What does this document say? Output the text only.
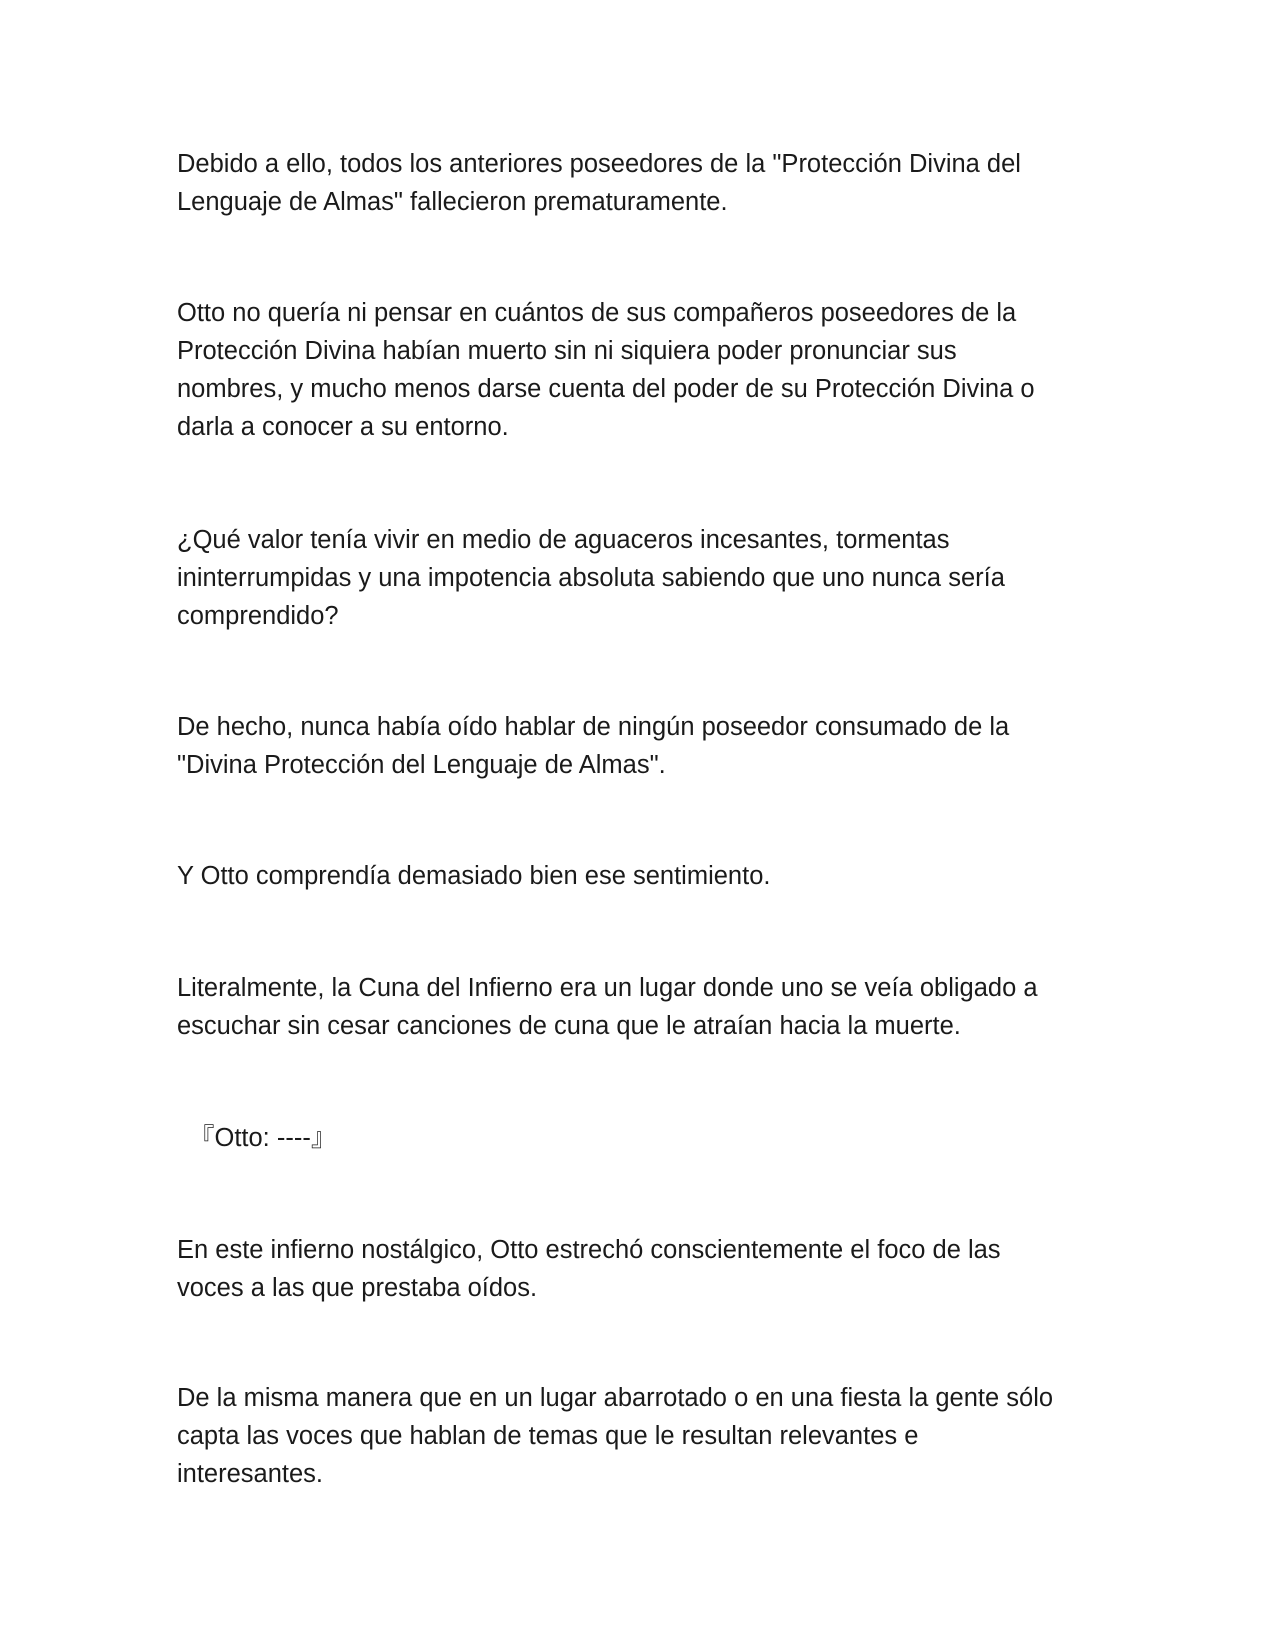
Debido a ello, todos los anteriores poseedores de la "Protección Divina del
Lenguaje de Almas" fallecieron prematuramente.

Otto no quería ni pensar en cuántos de sus compañeros poseedores de la
Protección Divina habían muerto sin ni siquiera poder pronunciar sus
nombres, y mucho menos darse cuenta del poder de su Protección Divina o
darla a conocer a su entorno.

¿Qué valor tenía vivir en medio de aguaceros incesantes, tormentas
ininterrumpidas y una impotencia absoluta sabiendo que uno nunca sería
comprendido?

De hecho, nunca había oído hablar de ningún poseedor consumado de la
"Divina Protección del Lenguaje de Almas".

Y Otto comprendía demasiado bien ese sentimiento.

Literalmente, la Cuna del Infierno era un lugar donde uno se veía obligado a
escuchar sin cesar canciones de cuna que le atraían hacia la muerte.

『Otto: ----』

En este infierno nostálgico, Otto estrechó conscientemente el foco de las
voces a las que prestaba oídos.

De la misma manera que en un lugar abarrotado o en una fiesta la gente sólo
capta las voces que hablan de temas que le resultan relevantes e
interesantes.
